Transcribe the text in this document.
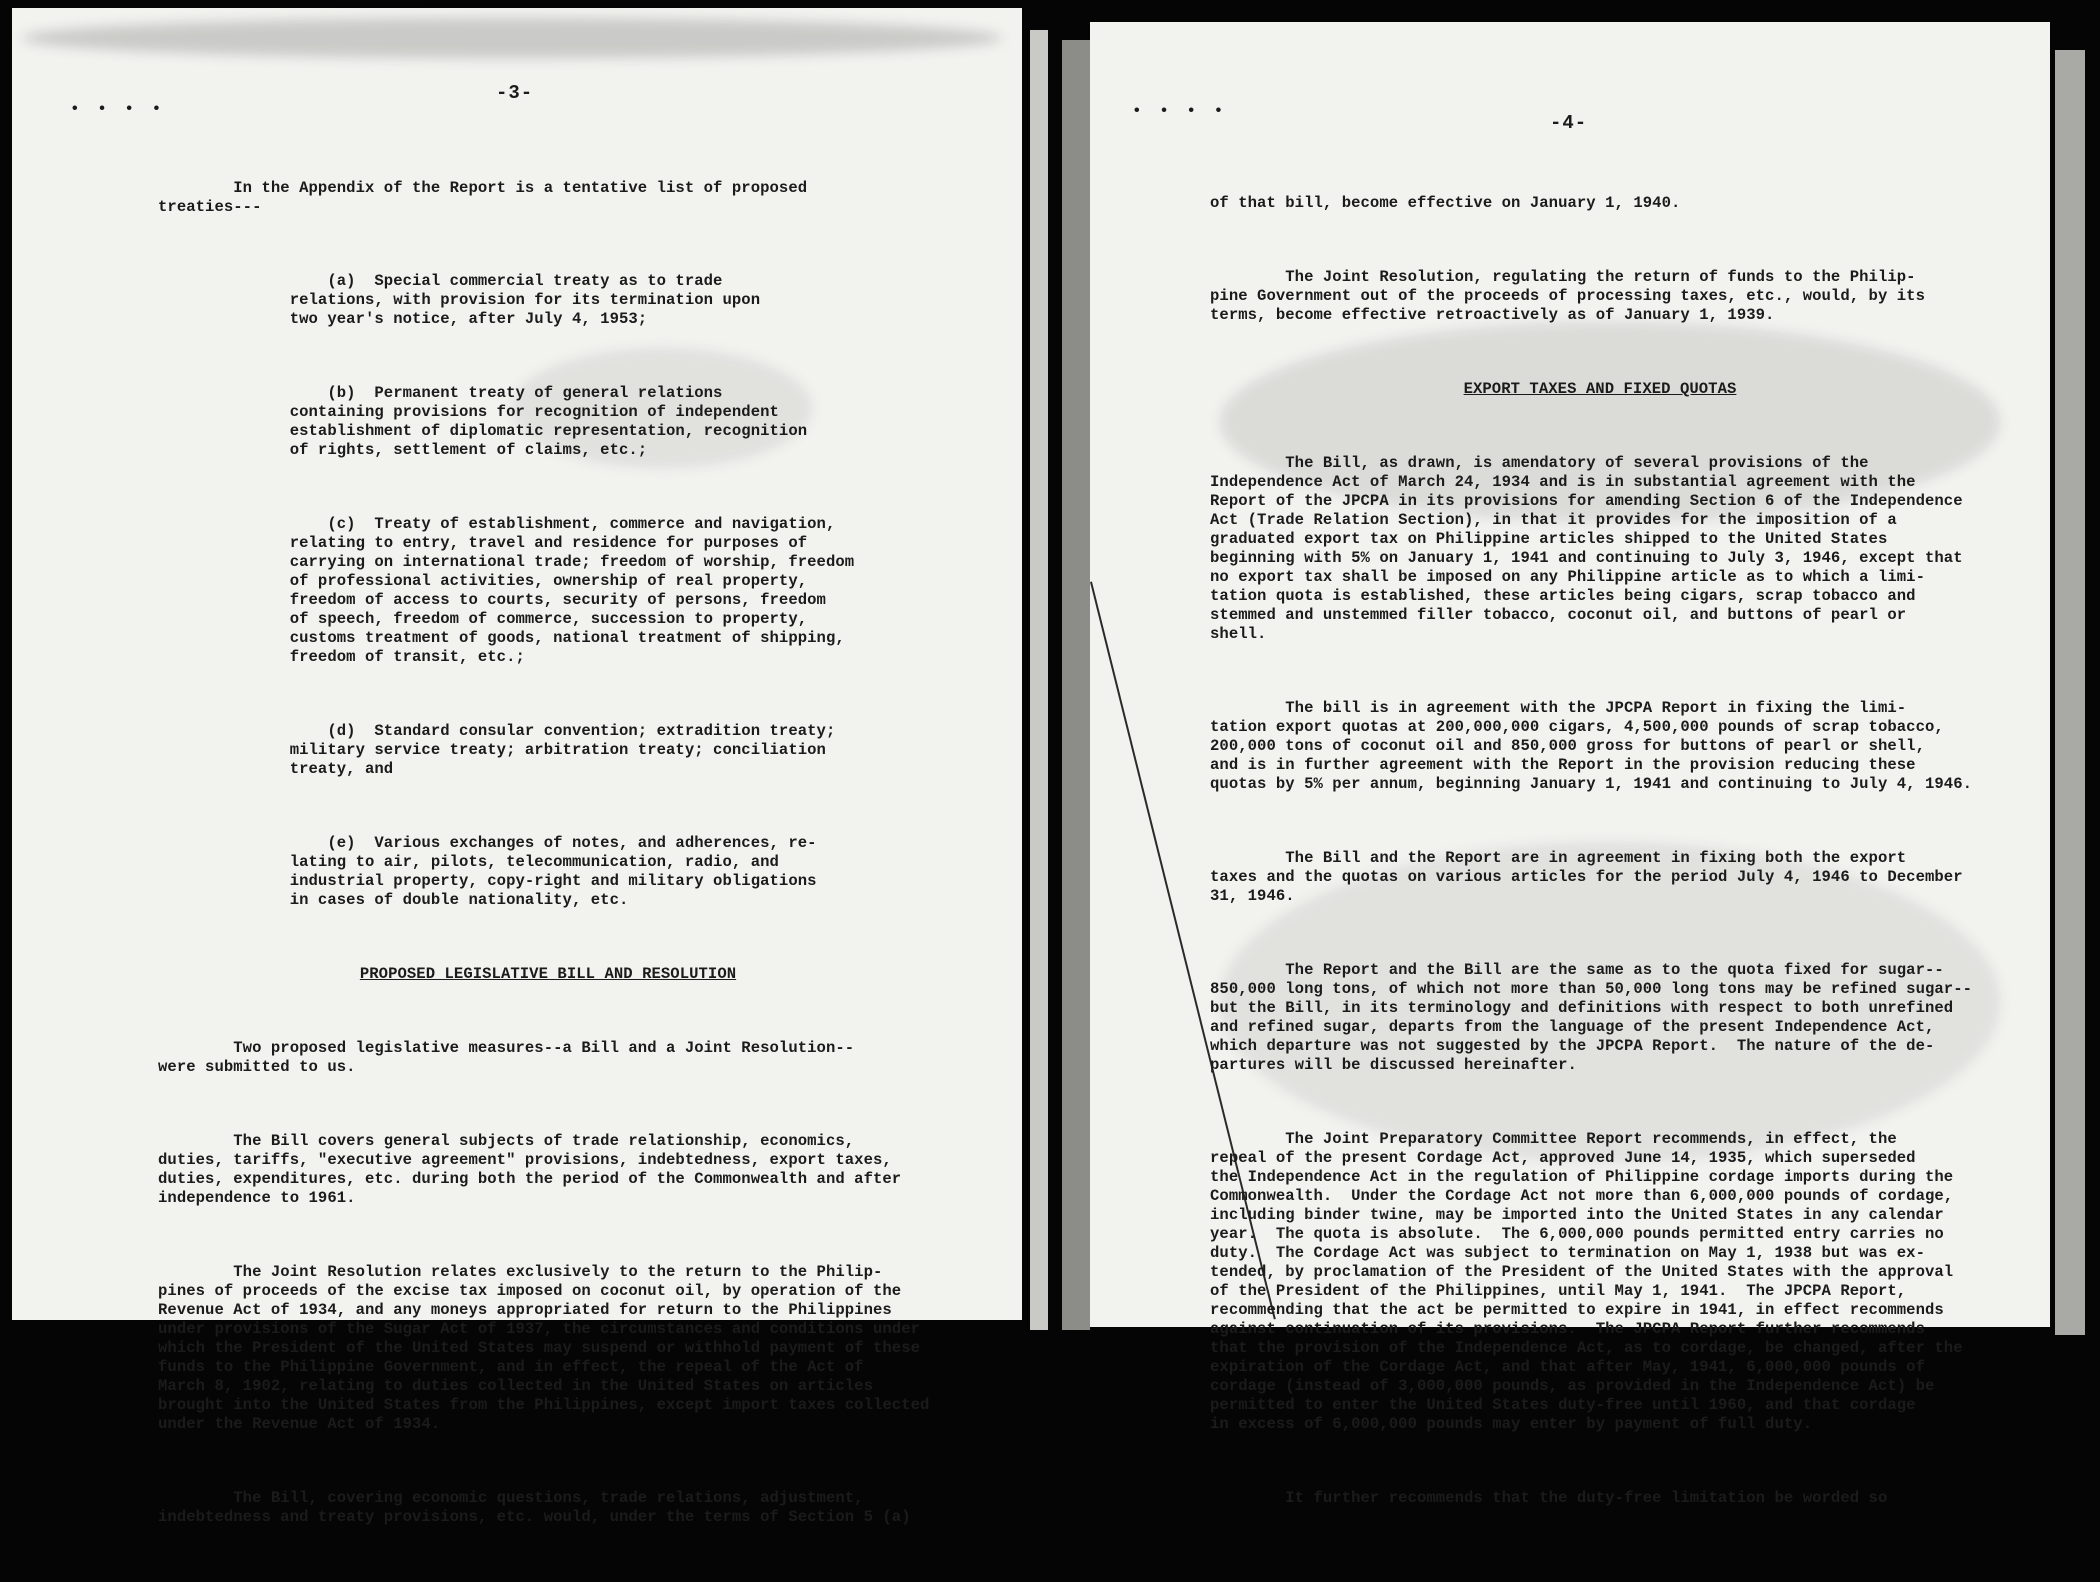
• • • •
-3-

In the Appendix of the Report is a tentative list of proposed
treaties---

(a)  Special commercial treaty as to trade
relations, with provision for its termination upon
two year's notice, after July 4, 1953;

(b)  Permanent treaty of general relations
containing provisions for recognition of independent
establishment of diplomatic representation, recognition
of rights, settlement of claims, etc.;

(c)  Treaty of establishment, commerce and navigation,
relating to entry, travel and residence for purposes of
carrying on international trade; freedom of worship, freedom
of professional activities, ownership of real property,
freedom of access to courts, security of persons, freedom
of speech, freedom of commerce, succession to property,
customs treatment of goods, national treatment of shipping,
freedom of transit, etc.;

(d)  Standard consular convention; extradition treaty;
military service treaty; arbitration treaty; conciliation
treaty, and

(e)  Various exchanges of notes, and adherences, re-
lating to air, pilots, telecommunication, radio, and
industrial property, copy-right and military obligations
in cases of double nationality, etc.

PROPOSED LEGISLATIVE BILL AND RESOLUTION

Two proposed legislative measures--a Bill and a Joint Resolution--
were submitted to us.

The Bill covers general subjects of trade relationship, economics,
duties, tariffs, "executive agreement" provisions, indebtedness, export taxes,
duties, expenditures, etc. during both the period of the Commonwealth and after
independence to 1961.

The Joint Resolution relates exclusively to the return to the Philip-
pines of proceeds of the excise tax imposed on coconut oil, by operation of the
Revenue Act of 1934, and any moneys appropriated for return to the Philippines
under provisions of the Sugar Act of 1937, the circumstances and conditions under
which the President of the United States may suspend or withhold payment of these
funds to the Philippine Government, and in effect, the repeal of the Act of
March 8, 1902, relating to duties collected in the United States on articles
brought into the United States from the Philippines, except import taxes collected
under the Revenue Act of 1934.

The Bill, covering economic questions, trade relations, adjustment,
indebtedness and treaty provisions, etc. would, under the terms of Section 5 (a)

• • • •
-4-

of that bill, become effective on January 1, 1940.

The Joint Resolution, regulating the return of funds to the Philip-
pine Government out of the proceeds of processing taxes, etc., would, by its
terms, become effective retroactively as of January 1, 1939.

EXPORT TAXES AND FIXED QUOTAS

The Bill, as drawn, is amendatory of several provisions of the
Independence Act of March 24, 1934 and is in substantial agreement with the
Report of the JPCPA in its provisions for amending Section 6 of the Independence
Act (Trade Relation Section), in that it provides for the imposition of a
graduated export tax on Philippine articles shipped to the United States
beginning with 5% on January 1, 1941 and continuing to July 3, 1946, except that
no export tax shall be imposed on any Philippine article as to which a limi-
tation quota is established, these articles being cigars, scrap tobacco and
stemmed and unstemmed filler tobacco, coconut oil, and buttons of pearl or
shell.

The bill is in agreement with the JPCPA Report in fixing the limi-
tation export quotas at 200,000,000 cigars, 4,500,000 pounds of scrap tobacco,
200,000 tons of coconut oil and 850,000 gross for buttons of pearl or shell,
and is in further agreement with the Report in the provision reducing these
quotas by 5% per annum, beginning January 1, 1941 and continuing to July 4, 1946.

The Bill and the Report are in agreement in fixing both the export
taxes and the quotas on various articles for the period July 4, 1946 to December
31, 1946.

The Report and the Bill are the same as to the quota fixed for sugar--
850,000 long tons, of which not more than 50,000 long tons may be refined sugar--
but the Bill, in its terminology and definitions with respect to both unrefined
and refined sugar, departs from the language of the present Independence Act,
which departure was not suggested by the JPCPA Report.  The nature of the de-
partures will be discussed hereinafter.

The Joint Preparatory Committee Report recommends, in effect, the
repeal of the present Cordage Act, approved June 14, 1935, which superseded
the Independence Act in the regulation of Philippine cordage imports during the
Commonwealth.  Under the Cordage Act not more than 6,000,000 pounds of cordage,
including binder twine, may be imported into the United States in any calendar
year.  The quota is absolute.  The 6,000,000 pounds permitted entry carries no
duty.  The Cordage Act was subject to termination on May 1, 1938 but was ex-
tended, by proclamation of the President of the United States with the approval
of the President of the Philippines, until May 1, 1941.  The JPCPA Report,
recommending that the act be permitted to expire in 1941, in effect recommends
against continuation of its provisions.  The JPCPA Report further recommends
that the provision of the Independence Act, as to cordage, be changed, after the
expiration of the Cordage Act, and that after May, 1941, 6,000,000 pounds of
cordage (instead of 3,000,000 pounds, as provided in the Independence Act) be
permitted to enter the United States duty-free until 1960, and that cordage
in excess of 6,000,000 pounds may enter by payment of full duty.

It further recommends that the duty-free limitation be worded so
